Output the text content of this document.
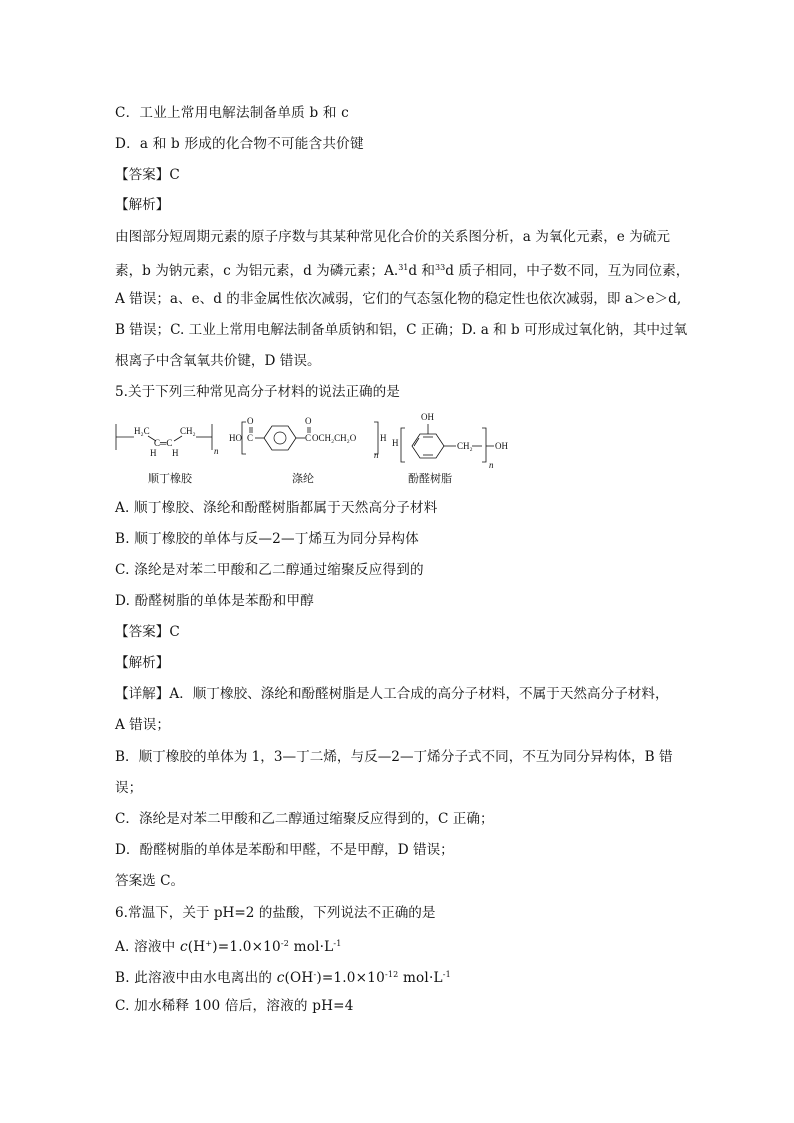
C．工业上常用电解法制备单质 b 和 c
D．a 和 b 形成的化合物不可能含共价键
【答案】C
【解析】
由图部分短周期元素的原子序数与其某种常见化合价的关系图分析，a 为氧化元素，e 为硫元
素，b 为钠元素，c 为铝元素，d 为磷元素；A.$^{31}$d 和$^{33}$d 质子相同，中子数不同，互为同位素，
A 错误；a、e、d 的非金属性依次减弱，它们的气态氢化物的稳定性也依次减弱，即 a＞e＞d,
B 错误；C. 工业上常用电解法制备单质钠和铝，C 正确；D. a 和 b 可形成过氧化钠，其中过氧
根离子中含氧氧共价键，D 错误。
5.关于下列三种常见高分子材料的说法正确的是
H₂C
C═C
CH₂
H H	n
HO C
O
C
O
OCH₂CH₂O	H
n
H
OH
CH₂ OH
n
顺丁橡胶	涤纶	酚醛树脂
A. 顺丁橡胶、涤纶和酚醛树脂都属于天然高分子材料
B. 顺丁橡胶的单体与反—2—丁烯互为同分异构体
C. 涤纶是对苯二甲酸和乙二醇通过缩聚反应得到的
D. 酚醛树脂的单体是苯酚和甲醇
【答案】C
【解析】
【详解】A．顺丁橡胶、涤纶和酚醛树脂是人工合成的高分子材料，不属于天然高分子材料，
A 错误；
B．顺丁橡胶的单体为 1，3—丁二烯，与反—2—丁烯分子式不同，不互为同分异构体，B 错
误；
C．涤纶是对苯二甲酸和乙二醇通过缩聚反应得到的，C 正确；
D．酚醛树脂的单体是苯酚和甲醛，不是甲醇，D 错误；
答案选 C。
6.常温下，关于 pH=2 的盐酸，下列说法不正确的是
A. 溶液中 $c(H^+)=1.0\times 10^{-2}$ $mol\cdot L^{-1}$
B. 此溶液中由水电离出的 $c(OH^-)=1.0\times 10^{-12}$ $mol\cdot L^{-1}$
C. 加水稀释 100 倍后，溶液的 pH=4
